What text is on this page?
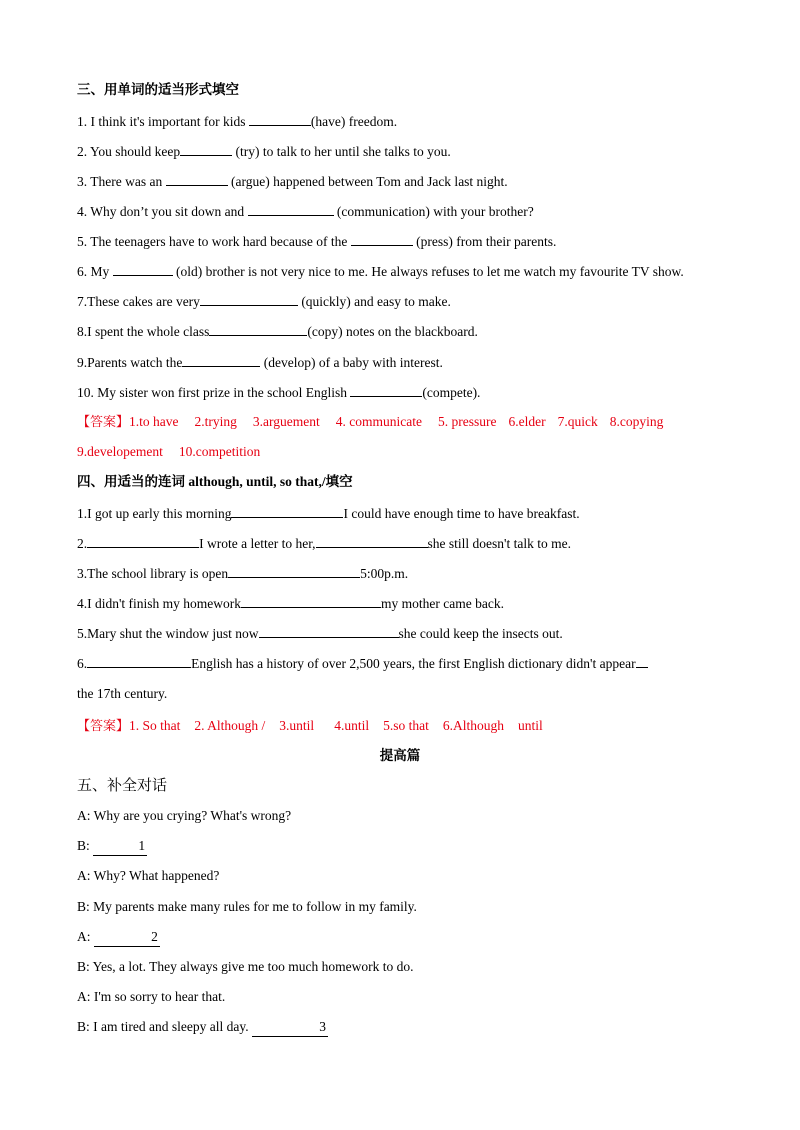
三、用单词的适当形式填空
1. I think it's important for kids	(have) freedom.
2. You should keep	(try) to talk to her until she talks to you.
3. There was an	(argue) happened between Tom and Jack last night.
4. Why don’t you sit down and	(communication) with your brother?
5. The teenagers have to work hard because of the	(press) from their parents.
6. My	(old) brother is not very nice to me. He always refuses to let me watch my favourite TV show.
7.These cakes are very	(quickly) and easy to make.
8.I spent the whole class	(copy) notes on the blackboard.
9.Parents watch the	(develop) of a baby with interest.
10. My sister won first prize in the school English	(compete).
【答案】1.to have 2.trying 3.arguement 4. communicate 5. pressure 6.elder 7.quick 8.copying
9.developement 10.competition
四、用适当的连词 although, until, so that,/填空
1.I got up early this morning	I could have enough time to have breakfast.
2.	I wrote a letter to her,	she still doesn't talk to me.
3.The school library is open	5:00p.m.
4.I didn't finish my homework	my mother came back.
5.Mary shut the window just now	she could keep the insects out.
6.	English has a history of over 2,500 years, the first English dictionary didn't appear
the 17th century.
【答案】1. So that 2. Although / 3.until 4.until 5.so that 6.Although until
提高篇
五、补全对话
A: Why are you crying? What's wrong?
B:	1
A: Why? What happened?
B: My parents make many rules for me to follow in my family.
A:	2
B: Yes, a lot. They always give me too much homework to do.
A: I'm so sorry to hear that.
B: I am tired and sleepy all day.	3
